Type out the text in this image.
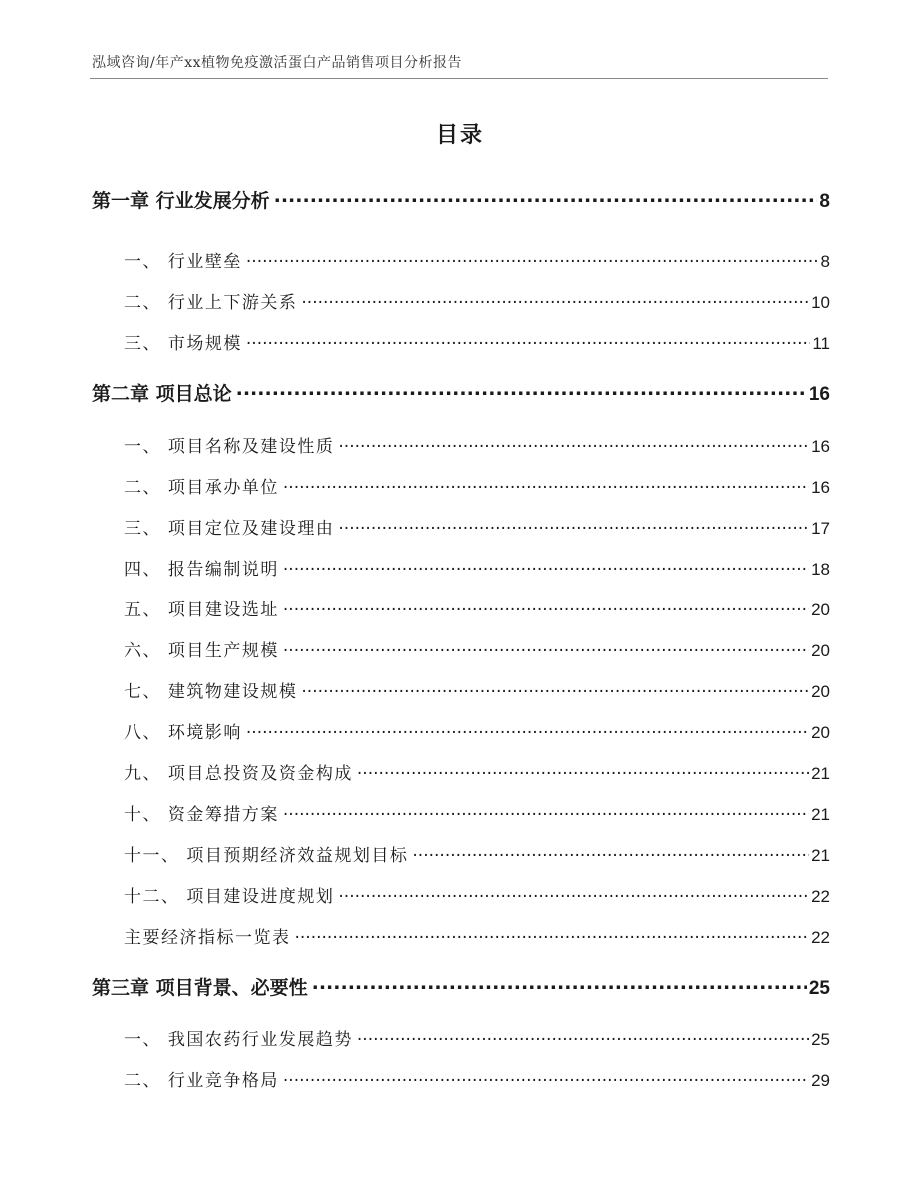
泓域咨询/年产xx植物免疫激活蛋白产品销售项目分析报告
目录
第一章 行业发展分析 .....	8
一、 行业壁垒 .....	8
二、 行业上下游关系 .....	10
三、 市场规模 .....	11
第二章 项目总论 .....	16
一、 项目名称及建设性质 .....	16
二、 项目承办单位 .....	16
三、 项目定位及建设理由 .....	17
四、 报告编制说明 .....	18
五、 项目建设选址 .....	20
六、 项目生产规模 .....	20
七、 建筑物建设规模 .....	20
八、 环境影响 .....	20
九、 项目总投资及资金构成 .....	21
十、 资金筹措方案 .....	21
十一、 项目预期经济效益规划目标 .....	21
十二、 项目建设进度规划 .....	22
主要经济指标一览表 .....	22
第三章 项目背景、必要性 .....	25
一、 我国农药行业发展趋势 .....	25
二、 行业竞争格局 .....	29
